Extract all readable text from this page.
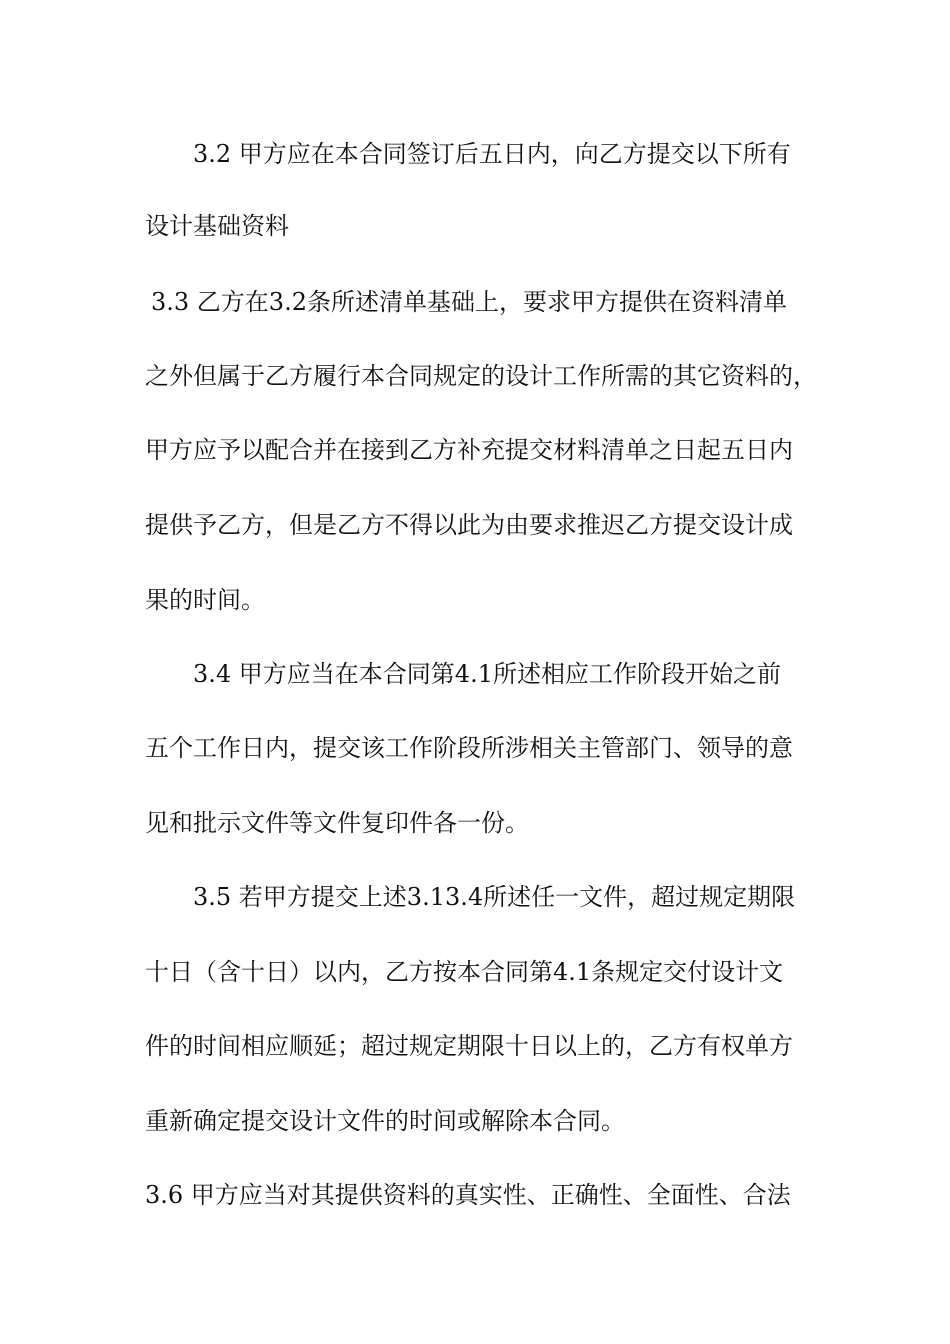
3.2 甲方应在本合同签订后五日内，向乙方提交以下所有
设计基础资料
3.3 乙方在3.2条所述清单基础上，要求甲方提供在资料清单
之外但属于乙方履行本合同规定的设计工作所需的其它资料的，
甲方应予以配合并在接到乙方补充提交材料清单之日起五日内
提供予乙方，但是乙方不得以此为由要求推迟乙方提交设计成
果的时间。
3.4 甲方应当在本合同第4.1所述相应工作阶段开始之前
五个工作日内，提交该工作阶段所涉相关主管部门、领导的意
见和批示文件等文件复印件各一份。
3.5 若甲方提交上述3.13.4所述任一文件，超过规定期限
十日（含十日）以内，乙方按本合同第4.1条规定交付设计文
件的时间相应顺延；超过规定期限十日以上的，乙方有权单方
重新确定提交设计文件的时间或解除本合同。
3.6 甲方应当对其提供资料的真实性、正确性、全面性、合法
